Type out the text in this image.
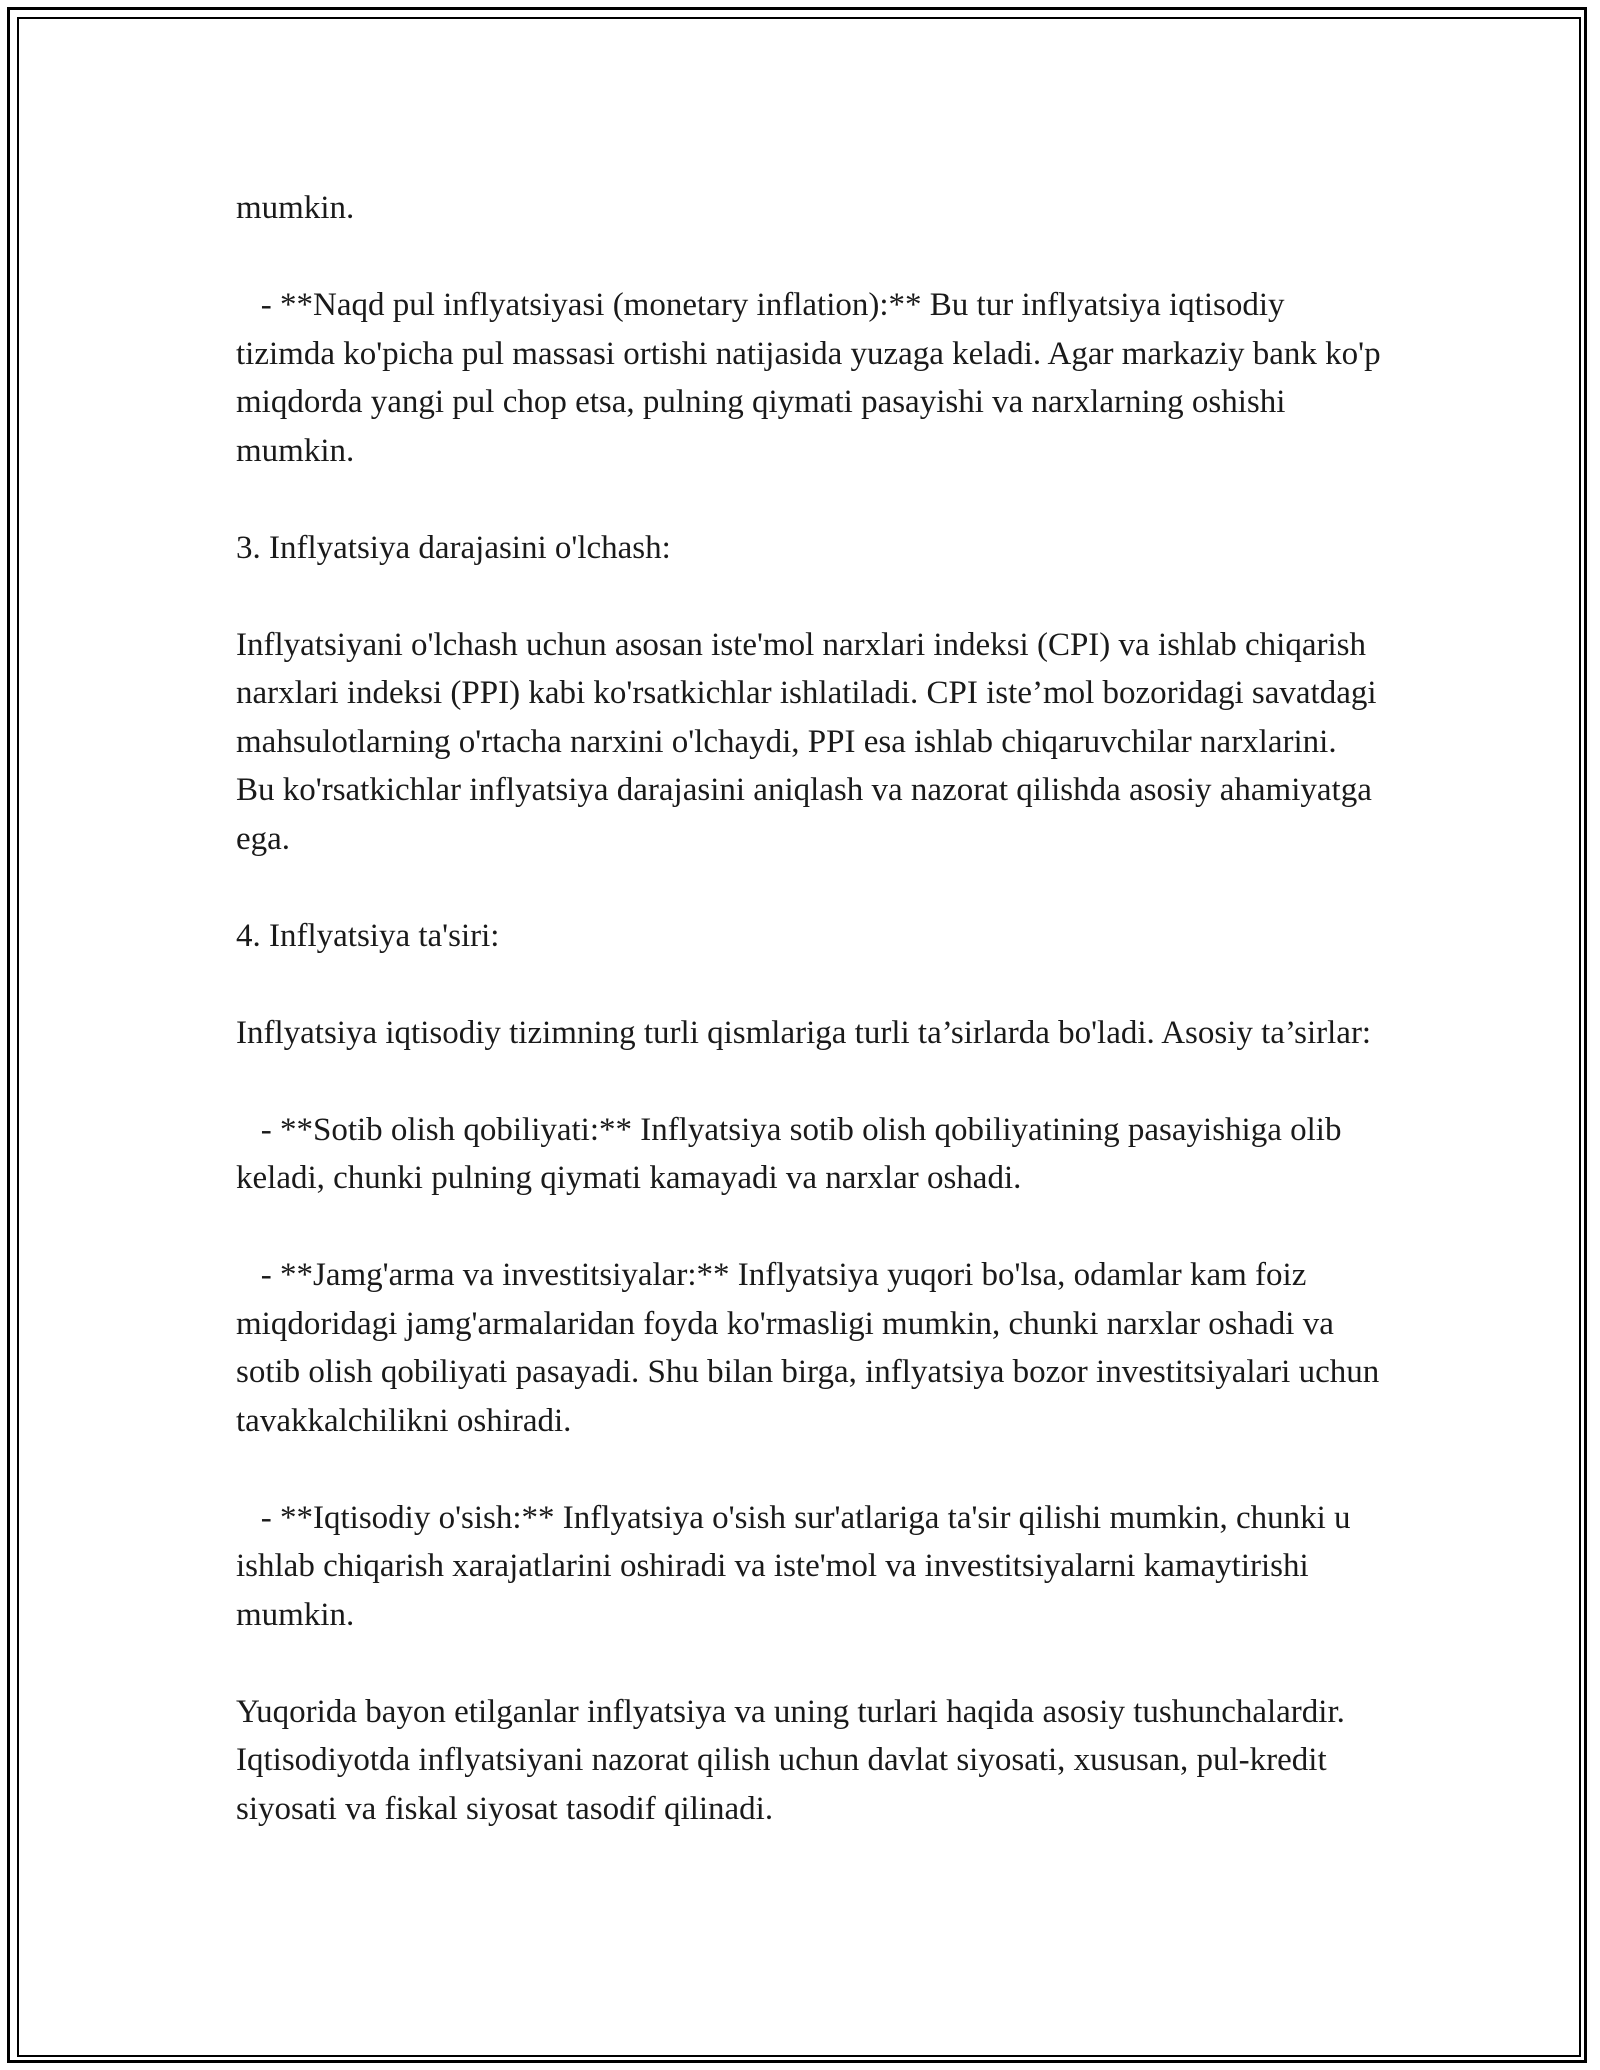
mumkin.

- **Naqd pul inflyatsiyasi (monetary inflation):** Bu tur inflyatsiya iqtisodiy tizimda ko'picha pul massasi ortishi natijasida yuzaga keladi. Agar markaziy bank ko'p miqdorda yangi pul chop etsa, pulning qiymati pasayishi va narxlarning oshishi mumkin.

3. Inflyatsiya darajasini o'lchash:

Inflyatsiyani o'lchash uchun asosan iste'mol narxlari indeksi (CPI) va ishlab chiqarish narxlari indeksi (PPI) kabi ko'rsatkichlar ishlatiladi. CPI iste’mol bozoridagi savatdagi mahsulotlarning o'rtacha narxini o'lchaydi, PPI esa ishlab chiqaruvchilar narxlarini. Bu ko'rsatkichlar inflyatsiya darajasini aniqlash va nazorat qilishda asosiy ahamiyatga ega.

4. Inflyatsiya ta'siri:

Inflyatsiya iqtisodiy tizimning turli qismlariga turli ta’sirlarda bo'ladi. Asosiy ta’sirlar:

- **Sotib olish qobiliyati:** Inflyatsiya sotib olish qobiliyatining pasayishiga olib keladi, chunki pulning qiymati kamayadi va narxlar oshadi.

- **Jamg'arma va investitsiyalar:** Inflyatsiya yuqori bo'lsa, odamlar kam foiz miqdoridagi jamg'armalaridan foyda ko'rmasligi mumkin, chunki narxlar oshadi va sotib olish qobiliyati pasayadi. Shu bilan birga, inflyatsiya bozor investitsiyalari uchun tavakkalchilikni oshiradi.

- **Iqtisodiy o'sish:** Inflyatsiya o'sish sur'atlariga ta'sir qilishi mumkin, chunki u ishlab chiqarish xarajatlarini oshiradi va iste'mol va investitsiyalarni kamaytirishi mumkin.

Yuqorida bayon etilganlar inflyatsiya va uning turlari haqida asosiy tushunchalardir. Iqtisodiyotda inflyatsiyani nazorat qilish uchun davlat siyosati, xususan, pul-kredit siyosati va fiskal siyosat tasodif qilinadi.
